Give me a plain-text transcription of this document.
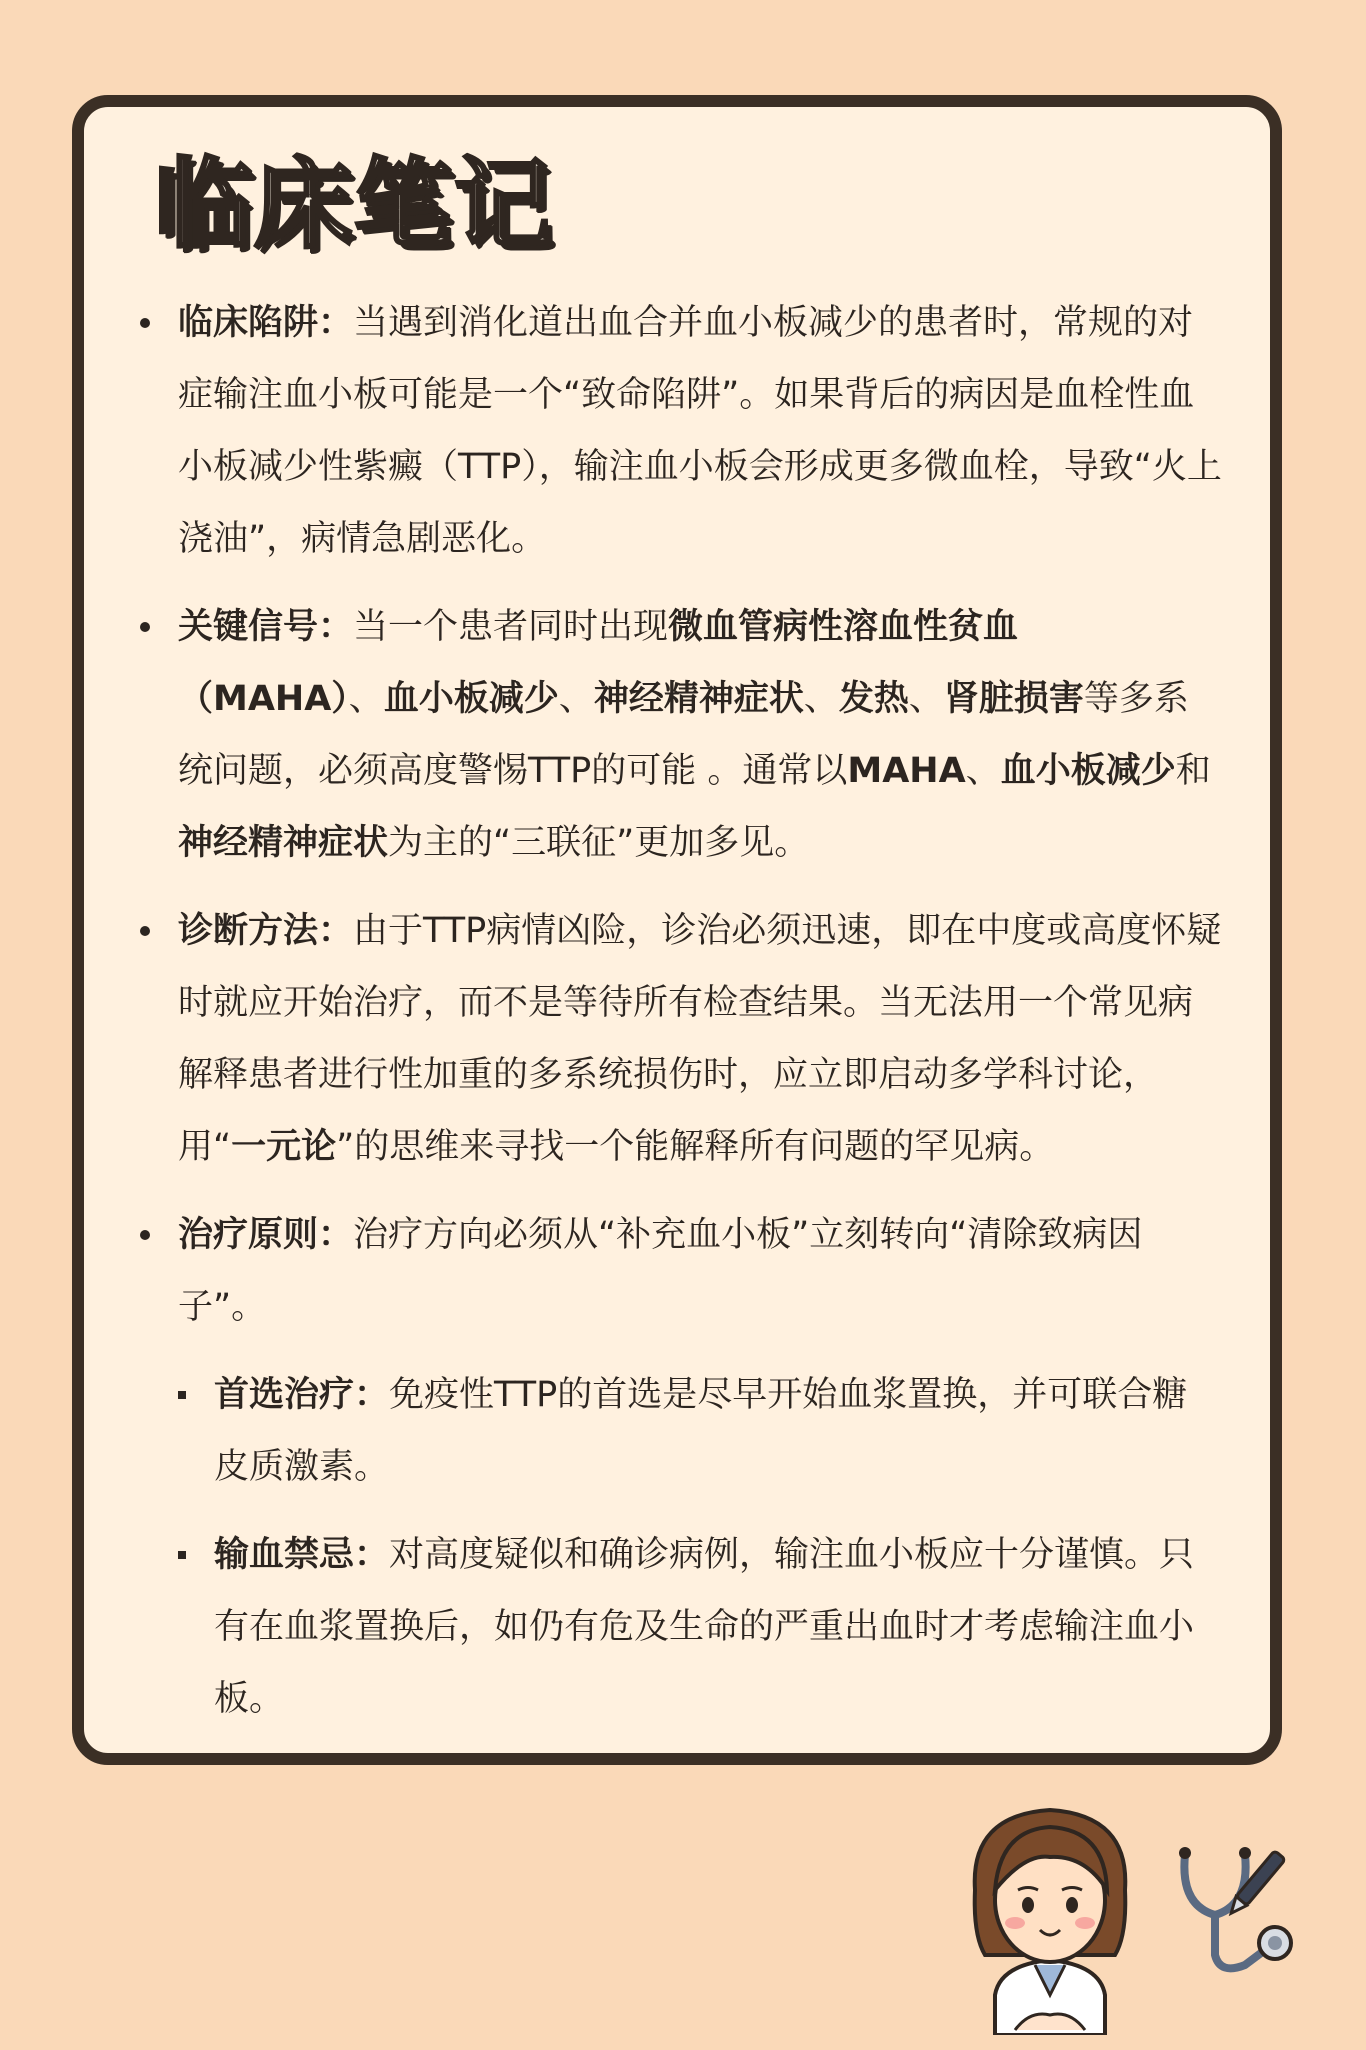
临床笔记
临床陷阱：当遇到消化道出血合并血小板减少的患者时，常规的对症输注血小板可能是一个“致命陷阱”。如果背后的病因是血栓性血小板减少性紫癜（TTP），输注血小板会形成更多微血栓，导致“火上浇油”，病情急剧恶化。
关键信号：当一个患者同时出现微血管病性溶血性贫血（MAHA）、血小板减少、神经精神症状、发热、肾脏损害等多系统问题，必须高度警惕TTP的可能 。通常以MAHA、血小板减少和神经精神症状为主的“三联征”更加多见。
诊断方法：由于TTP病情凶险，诊治必须迅速，即在中度或高度怀疑时就应开始治疗，而不是等待所有检查结果。当无法用一个常见病解释患者进行性加重的多系统损伤时，应立即启动多学科讨论，用“一元论”的思维来寻找一个能解释所有问题的罕见病。
治疗原则：治疗方向必须从“补充血小板”立刻转向“清除致病因子”。
首选治疗：免疫性TTP的首选是尽早开始血浆置换，并可联合糖皮质激素。
输血禁忌：对高度疑似和确诊病例，输注血小板应十分谨慎。只有在血浆置换后，如仍有危及生命的严重出血时才考虑输注血小板。
